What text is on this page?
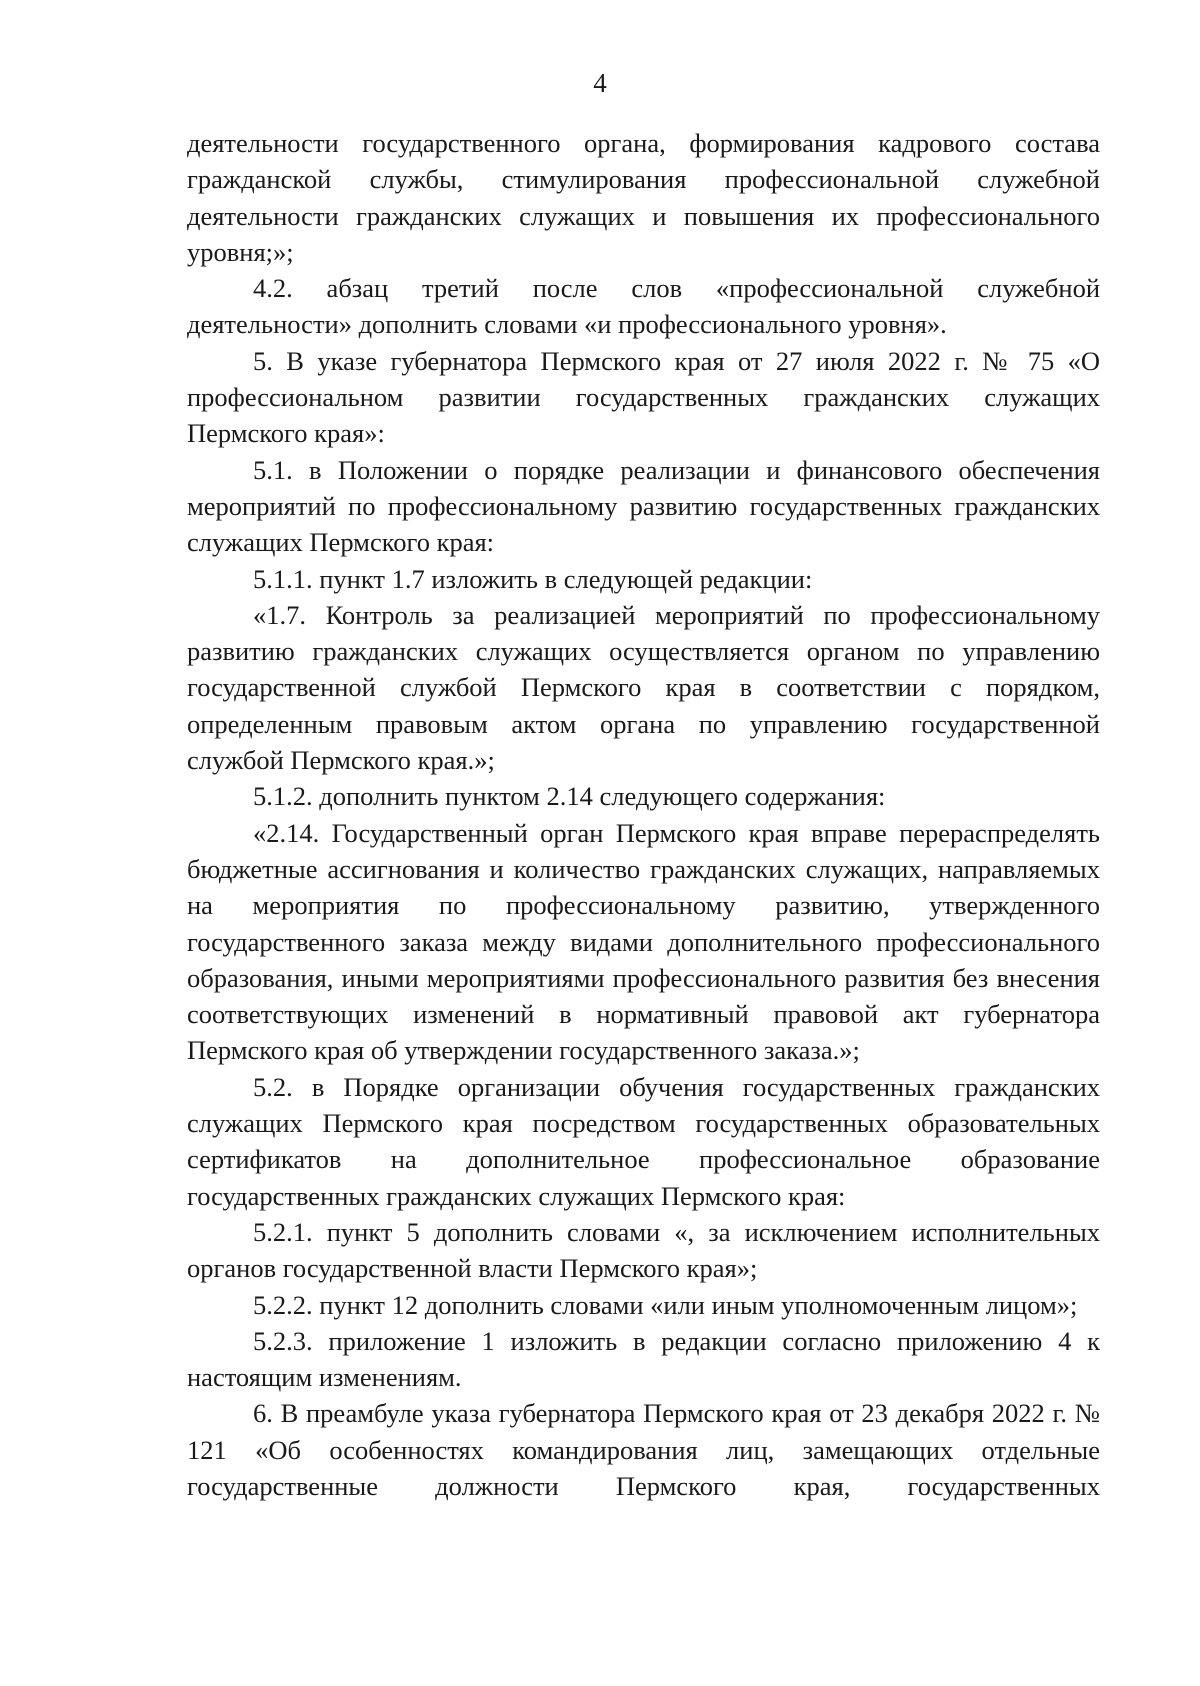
4

деятельности государственного органа, формирования кадрового состава гражданской службы, стимулирования профессиональной служебной деятельности гражданских служащих и повышения их профессионального уровня;»;

4.2. абзац третий после слов «профессиональной служебной деятельности» дополнить словами «и профессионального уровня».

5. В указе губернатора Пермского края от 27 июля 2022 г. № 75 «О профессиональном развитии государственных гражданских служащих Пермского края»:

5.1. в Положении о порядке реализации и финансового обеспечения мероприятий по профессиональному развитию государственных гражданских служащих Пермского края:

5.1.1. пункт 1.7 изложить в следующей редакции:

«1.7. Контроль за реализацией мероприятий по профессиональному развитию гражданских служащих осуществляется органом по управлению государственной службой Пермского края в соответствии с порядком, определенным правовым актом органа по управлению государственной службой Пермского края.»;

5.1.2. дополнить пунктом 2.14 следующего содержания:

«2.14. Государственный орган Пермского края вправе перераспределять бюджетные ассигнования и количество гражданских служащих, направляемых на мероприятия по профессиональному развитию, утвержденного государственного заказа между видами дополнительного профессионального образования, иными мероприятиями профессионального развития без внесения соответствующих изменений в нормативный правовой акт губернатора Пермского края об утверждении государственного заказа.»;

5.2. в Порядке организации обучения государственных гражданских служащих Пермского края посредством государственных образовательных сертификатов на дополнительное профессиональное образование государственных гражданских служащих Пермского края:

5.2.1. пункт 5 дополнить словами «, за исключением исполнительных органов государственной власти Пермского края»;

5.2.2. пункт 12 дополнить словами «или иным уполномоченным лицом»;

5.2.3. приложение 1 изложить в редакции согласно приложению 4 к настоящим изменениям.

6. В преамбуле указа губернатора Пермского края от 23 декабря 2022 г. № 121 «Об особенностях командирования лиц, замещающих отдельные государственные должности Пермского края, государственных
